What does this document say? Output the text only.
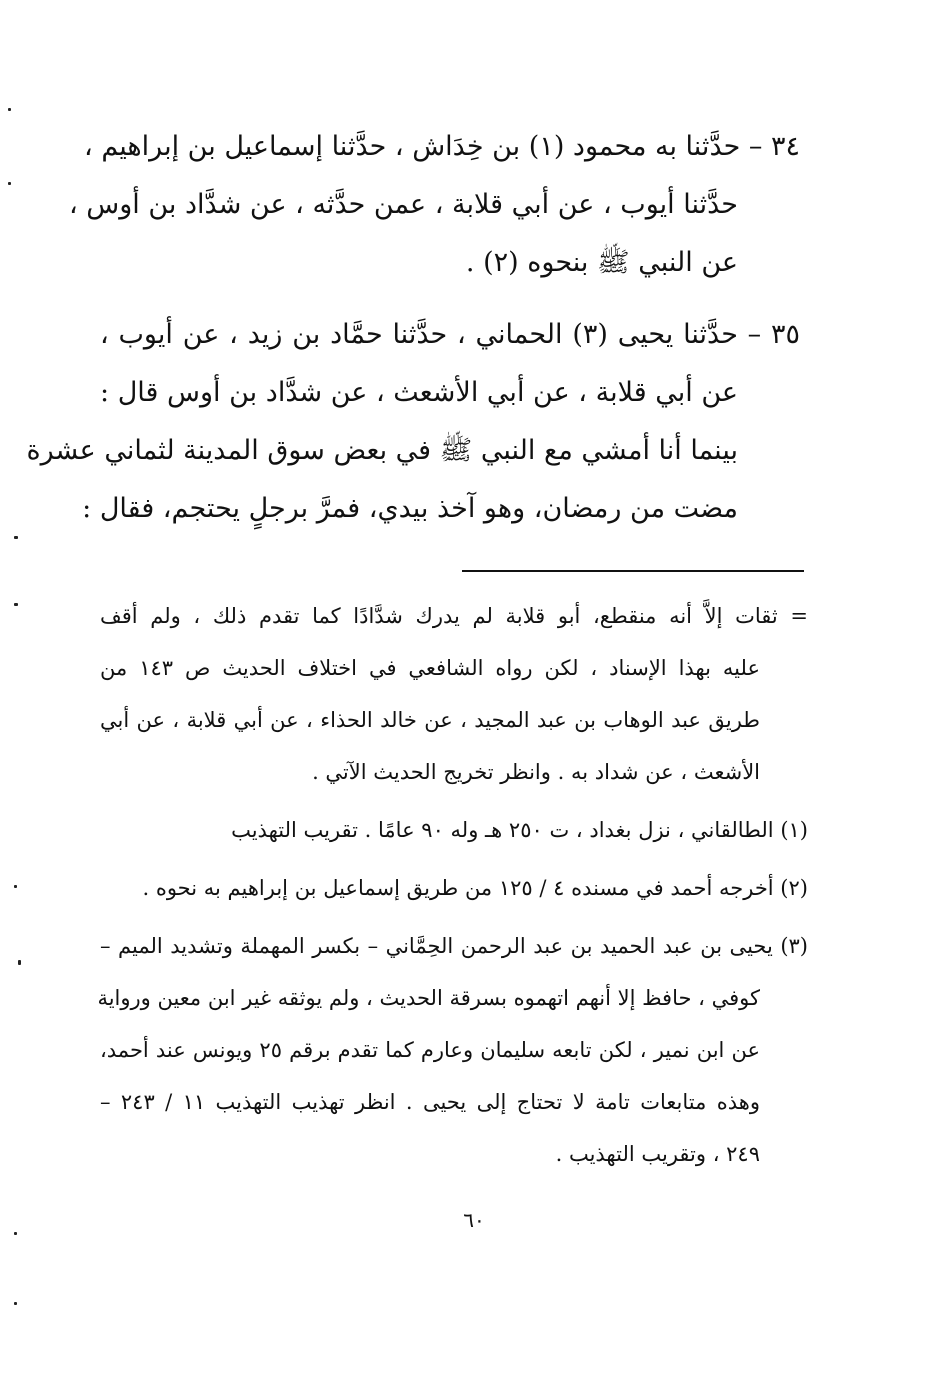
٣٤ – حدَّثنا به محمود (١) بن خِدَاش ، حدَّثنا إسماعيل بن إبراهيم ،
حدَّثنا أيوب ، عن أبي قلابة ، عمن حدَّثه ، عن شدَّاد بن أوس ،
عن النبي ﷺ بنحوه (٢) .
٣٥ – حدَّثنا يحيى (٣) الحماني ، حدَّثنا حمَّاد بن زيد ، عن أيوب ،
عن أبي قلابة ، عن أبي الأشعث ، عن شدَّاد بن أوس قال :
بينما أنا أمشي مع النبي ﷺ في بعض سوق المدينة لثماني عشرة
مضت من رمضان، وهو آخذ بيدي، فمرَّ برجلٍ يحتجم، فقال :
= ثقات إلاَّ أنه منقطع، أبو قلابة لم يدرك شدَّادًا كما تقدم ذلك ، ولم أقف
عليه بهذا الإسناد ، لكن رواه الشافعي في اختلاف الحديث ص ١٤٣ من
طريق عبد الوهاب بن عبد المجيد ، عن خالد الحذاء ، عن أبي قلابة ، عن أبي
الأشعث ، عن شداد به . وانظر تخريج الحديث الآتي .
(١) الطالقاني ، نزل بغداد ، ت ٢٥٠ هـ وله ٩٠ عامًا . تقريب التهذيب
(٢) أخرجه أحمد في مسنده ٤ / ١٢٥ من طريق إسماعيل بن إبراهيم به نحوه .
(٣) يحيى بن عبد الحميد بن عبد الرحمن الحِمَّاني – بكسر المهملة وتشديد الميم –
كوفي ، حافظ إلا أنهم اتهموه بسرقة الحديث ، ولم يوثقه غير ابن معين ورواية
عن ابن نمير ، لكن تابعه سليمان وعارم كما تقدم برقم ٢٥ ويونس عند أحمد،
وهذه متابعات تامة لا تحتاج إلى يحيى . انظر تهذيب التهذيب ١١ / ٢٤٣ –
٢٤٩ ، وتقريب التهذيب .
٦٠
